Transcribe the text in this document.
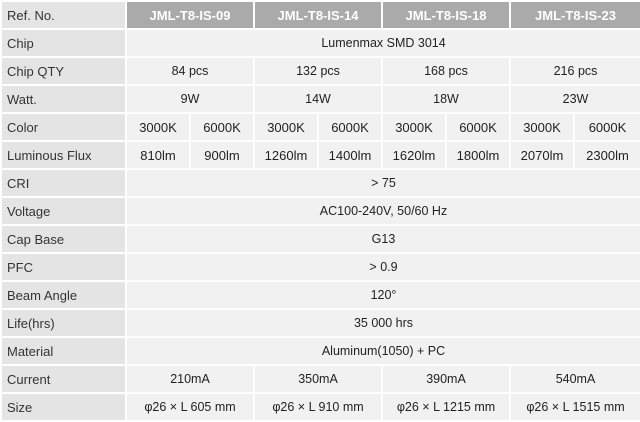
Ref. No.	JML-T8-IS-09		JML-T8-IS-14		JML-T8-IS-18		JML-T8-IS-23	
Chip	Lumenmax SMD 3014							
Chip QTY	84 pcs		132 pcs		168 pcs		216 pcs	
Watt.	9W		14W		18W		23W	
Color	3000K	6000K	3000K	6000K	3000K	6000K	3000K	6000K
Luminous Flux	810lm	900lm	1260lm	1400lm	1620lm	1800lm	2070lm	2300lm
CRI	> 75							
Voltage	AC100-240V, 50/60 Hz							
Cap Base	G13							
PFC	> 0.9							
Beam Angle	120°							
Life(hrs)	35 000 hrs							
Material	Aluminum(1050) + PC							
Current	210mA		350mA		390mA		540mA	
Size	φ26 × L 605 mm		φ26 × L 910 mm		φ26 × L 1215 mm		φ26 × L 1515 mm	
